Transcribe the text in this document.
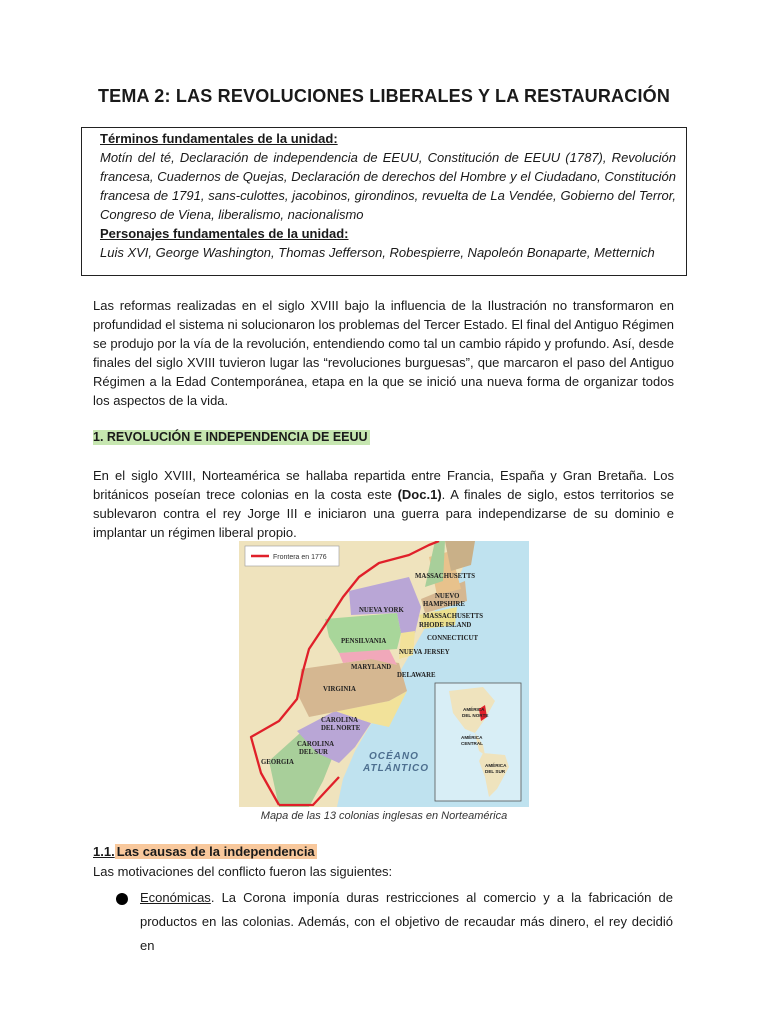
TEMA 2: LAS REVOLUCIONES LIBERALES Y LA RESTAURACIÓN
Términos fundamentales de la unidad:
Motín del té, Declaración de independencia de EEUU, Constitución de EEUU (1787), Revolución francesa, Cuadernos de Quejas, Declaración de derechos del Hombre y el Ciudadano, Constitución francesa de 1791, sans-culottes, jacobinos, girondinos, revuelta de La Vendée, Gobierno del Terror, Congreso de Viena, liberalismo, nacionalismo
Personajes fundamentales de la unidad:
Luis XVI, George Washington, Thomas Jefferson, Robespierre, Napoleón Bonaparte, Metternich
Las reformas realizadas en el siglo XVIII bajo la influencia de la Ilustración no transformaron en profundidad el sistema ni solucionaron los problemas del Tercer Estado. El final del Antiguo Régimen se produjo por la vía de la revolución, entendiendo como tal un cambio rápido y profundo. Así, desde finales del siglo XVIII tuvieron lugar las “revoluciones burguesas”, que marcaron el paso del Antiguo Régimen a la Edad Contemporánea, etapa en la que se inició una nueva forma de organizar todos los aspectos de la vida.
1. REVOLUCIÓN E INDEPENDENCIA DE EEUU
En el siglo XVIII, Norteamérica se hallaba repartida entre Francia, España y Gran Bretaña. Los británicos poseían trece colonias en la costa este (Doc.1). A finales de siglo, estos territorios se sublevaron contra el rey Jorge III e iniciaron una guerra para independizarse de su dominio e implantar un régimen liberal propio.
Frontera en 1776
MASSACHUSETTS
NUEVO
HAMPSHIRE
MASSACHUSETTS
RHODE ISLAND
NUEVA YORK
CONNECTICUT
PENSILVANIA
NUEVA JERSEY
MARYLAND
DELAWARE
VIRGINIA
CAROLINA
DEL NORTE
CAROLINA
DEL SUR
GEORGIA
OCÉANO
ATLÁNTICO
AMÉRICA
DEL NORTE
AMÉRICA
CENTRAL
AMÉRICA
DEL SUR
Mapa de las 13 colonias inglesas en Norteamérica
1.1. Las causas de la independencia
Las motivaciones del conflicto fueron las siguientes:
Económicas. La Corona imponía duras restricciones al comercio y a la fabricación de productos en las colonias. Además, con el objetivo de recaudar más dinero, el rey decidió en
